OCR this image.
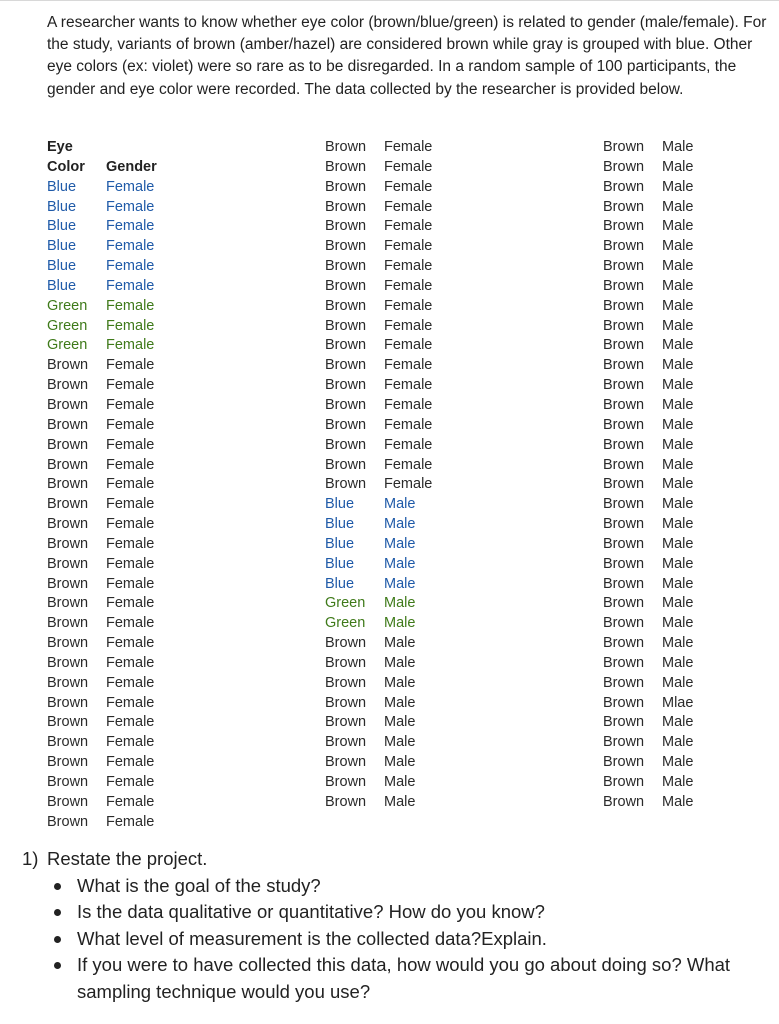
A researcher wants to know whether eye color (brown/blue/green) is related to gender (male/female). For the study, variants of brown (amber/hazel) are considered brown while gray is grouped with blue. Other eye colors (ex: violet) were so rare as to be disregarded. In a random sample of 100 participants, the gender and eye color were recorded. The data collected by the researcher is provided below.

Eye
Color Gender
Blue Female
Blue Female
Blue Female
Blue Female
Blue Female
Blue Female
Green Female
Green Female
Green Female
Brown Female
Brown Female
Brown Female
Brown Female
Brown Female
Brown Female
Brown Female
Brown Female
Brown Female
Brown Female
Brown Female
Brown Female
Brown Female
Brown Female
Brown Female
Brown Female
Brown Female
Brown Female
Brown Female
Brown Female
Brown Female
Brown Female
Brown Female
Brown Female
Brown Female
Brown Female
Brown Female
Brown Female
Brown Female
Brown Female
Brown Female
Brown Female
Brown Female
Brown Female
Brown Female
Brown Female
Brown Female
Brown Female
Brown Female
Brown Female
Brown Female
Brown Female
Blue Male
Blue Male
Blue Male
Blue Male
Blue Male
Green Male
Green Male
Brown Male
Brown Male
Brown Male
Brown Male
Brown Male
Brown Male
Brown Male
Brown Male
Brown Male
Brown Male
Brown Male
Brown Male
Brown Male
Brown Male
Brown Male
Brown Male
Brown Male
Brown Male
Brown Male
Brown Male
Brown Male
Brown Male
Brown Male
Brown Male
Brown Male
Brown Male
Brown Male
Brown Male
Brown Male
Brown Male
Brown Male
Brown Male
Brown Male
Brown Male
Brown Male
Brown Male
Brown Male
Brown Mlae
Brown Male
Brown Male
Brown Male
Brown Male
Brown Male
1) Restate the project.
What is the goal of the study?
Is the data qualitative or quantitative? How do you know?
What level of measurement is the collected data?Explain.
If you were to have collected this data, how would you go about doing so? What sampling technique would you use?
